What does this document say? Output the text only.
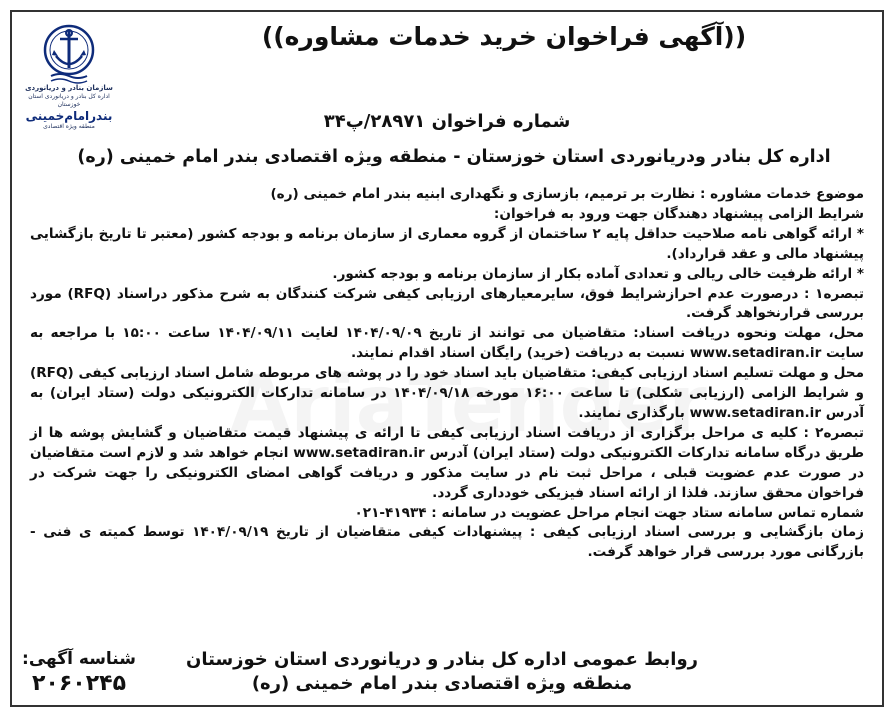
سازمان بنادر و دریانوردی
اداره کل بنادر و دریانوردی استان خوزستان
بندرامام‌خمینی
منطقه ویژه اقتصادی
((آگهی فراخوان خرید خدمات مشاوره))
شماره فراخوان ۲۸۹۷۱/پ۳۴
اداره کل بنادر ودریانوردی استان خوزستان - منطقه ویژه اقتصادی بندر امام خمینی (ره)

موضوع خدمات مشاوره : نظارت بر ترمیم، بازسازی و نگهداری ابنیه بندر امام خمینی (ره)

شرایط الزامی پیشنهاد دهندگان جهت ورود به فراخوان:

* ارائه گواهی نامه صلاحیت حداقل پایه ۲ ساختمان از گروه معماری از سازمان برنامه و بودجه کشور (معتبر تا تاریخ بازگشایی پیشنهاد مالی و عقد قرارداد).

* ارائه ظرفیت خالی ریالی و تعدادی آماده بکار از سازمان برنامه و بودجه کشور.

تبصره۱ : درصورت عدم احرازشرایط فوق، سایرمعیارهای ارزیابی کیفی شرکت کنندگان به شرح مذکور دراسناد (RFQ) مورد بررسی قرارنخواهد گرفت.

محل، مهلت ونحوه دریافت اسناد: متقاضیان می توانند از تاریخ ۱۴۰۴/۰۹/۰۹ لغایت ۱۴۰۴/۰۹/۱۱ ساعت ۱۵:۰۰ با مراجعه به سایت www.setadiran.ir نسبت به دریافت (خرید) رایگان اسناد اقدام نمایند.

محل و مهلت تسلیم اسناد ارزیابی کیفی: متقاضیان باید اسناد خود را در پوشه های مربوطه شامل اسناد ارزیابی کیفی (RFQ) و شرایط الزامی (ارزیابی شکلی) تا ساعت ۱۶:۰۰ مورخه ۱۴۰۴/۰۹/۱۸ در سامانه تدارکات الکترونیکی دولت (ستاد ایران) به آدرس www.setadiran.ir بارگذاری نمایند.

تبصره۲ : کلیه ی مراحل برگزاری از دریافت اسناد ارزیابی کیفی تا ارائه ی پیشنهاد قیمت متقاضیان و گشایش پوشه ها از طریق درگاه سامانه تدارکات الکترونیکی دولت (ستاد ایران) آدرس www.setadiran.ir انجام خواهد شد و لازم است متقاضیان در صورت عدم عضویت قبلی ، مراحل ثبت نام در سایت مذکور و دریافت گواهی امضای الکترونیکی را جهت شرکت در فراخوان محقق سازند. فلذا از ارائه اسناد فیزیکی خودداری گردد.

شماره تماس سامانه ستاد جهت انجام مراحل عضویت در سامانه : ۴۱۹۳۴-۰۲۱

زمان بازگشایی و بررسی اسناد ارزیابی کیفی : پیشنهادات کیفی متقاضیان از تاریخ ۱۴۰۴/۰۹/۱۹ توسط کمیته ی فنی - بازرگانی مورد بررسی قرار خواهد گرفت.

روابط عمومی اداره کل بنادر و دریانوردی استان خوزستان
منطقه ویژه اقتصادی بندر امام خمینی (ره)
شناسه آگهی:
۲۰۶۰۲۴۵
